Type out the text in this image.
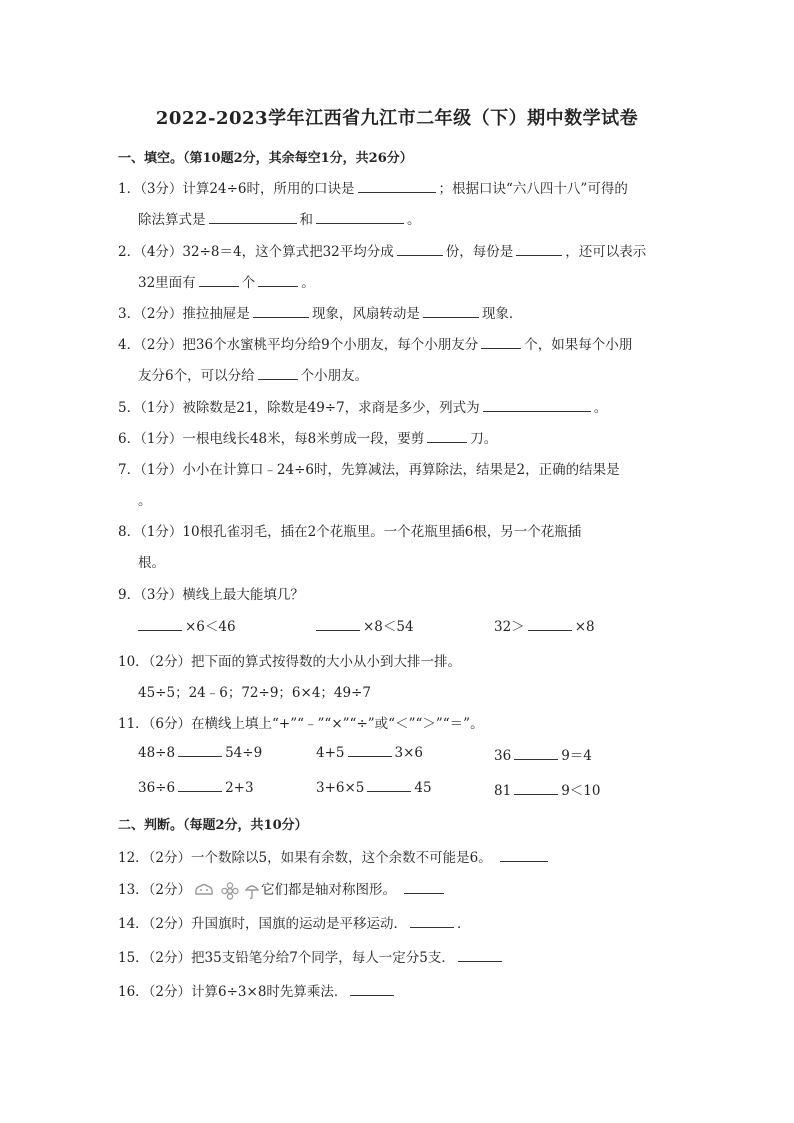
2022-2023学年江西省九江市二年级（下）期中数学试卷
一、填空。（第10题2分，其余每空1分，共26分）
1．（3分）计算24÷6时，所用的口诀是	；根据口诀“六八四十八”可得的
除法算式是	和	。
2．（4分）32÷8＝4，这个算式把32平均分成	份，每份是	，还可以表示
32里面有	个	。
3．（2分）推拉抽屉是	现象，风扇转动是	现象．
4．（2分）把36个水蜜桃平均分给9个小朋友，每个小朋友分	个，如果每个小朋
友分6个，可以分给	个小朋友。
5．（1分）被除数是21，除数是49÷7，求商是多少，列式为	。
6．（1分）一根电线长48米，每8米剪成一段，要剪	刀。
7．（1分）小小在计算口﹣24÷6时，先算减法，再算除法，结果是2，正确的结果是
。
8．（1分）10根孔雀羽毛，插在2个花瓶里。一个花瓶里插6根，另一个花瓶插
根。
9．（3分）横线上最大能填几？
×6＜46	×8＜54	32＞	×8
10．（2分）把下面的算式按得数的大小从小到大排一排。
45÷5；24﹣6；72÷9；6×4；49÷7
11．（6分）在横线上填上“+”“﹣”“×”“÷”或“＜”“＞”“＝”。
48÷8	54÷9	4+5	3×6	36	9＝4
36÷6	2+3	3+6×5	45	81	9＜10
二、判断。（每题2分，共10分）
12．（2分）一个数除以5，如果有余数，这个余数不可能是6。
13．（2分）	它们都是轴对称图形。
14．（2分）升国旗时，国旗的运动是平移运动．	．
15．（2分）把35支铅笔分给7个同学，每人一定分5支．
16．（2分）计算6÷3×8时先算乘法．
